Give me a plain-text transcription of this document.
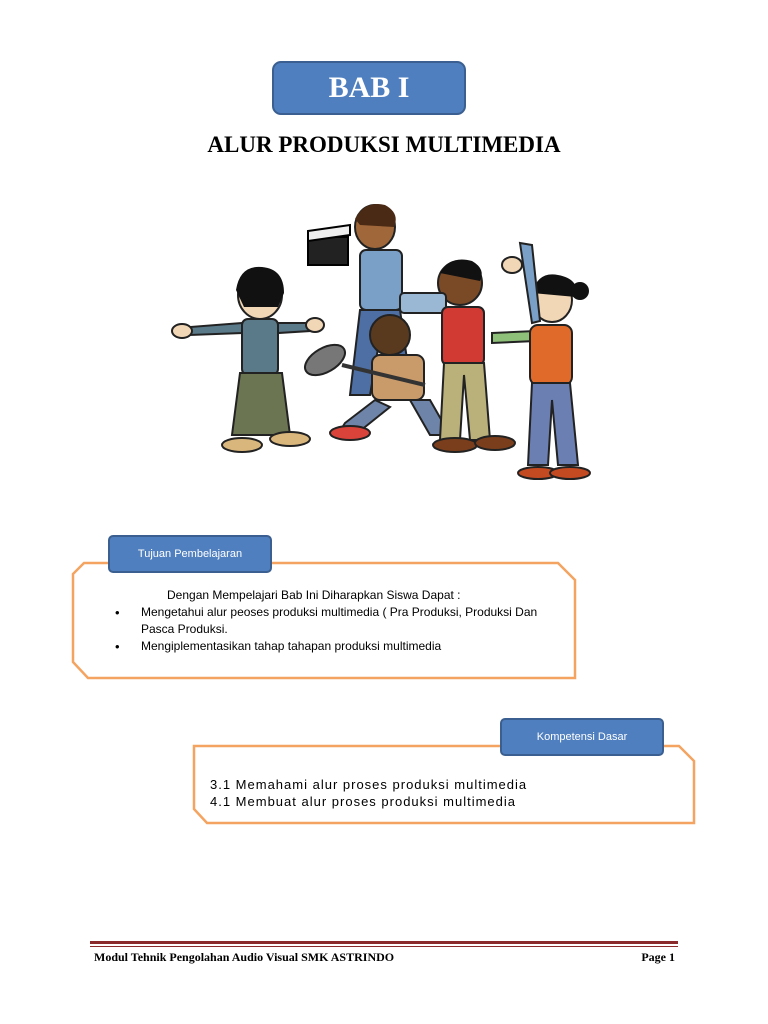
BAB I
ALUR PRODUKSI MULTIMEDIA
Tujuan Pembelajaran
Dengan Mempelajari Bab Ini Diharapkan Siswa Dapat :
• Mengetahui alur peoses produksi multimedia ( Pra Produksi, Produksi Dan Pasca Produksi.
• Mengiplementasikan tahap tahapan produksi multimedia
Kompetensi Dasar
3.1 Memahami alur proses produksi multimedia
4.1 Membuat alur proses produksi multimedia
Modul Tehnik Pengolahan Audio Visual SMK ASTRINDO	Page 1
